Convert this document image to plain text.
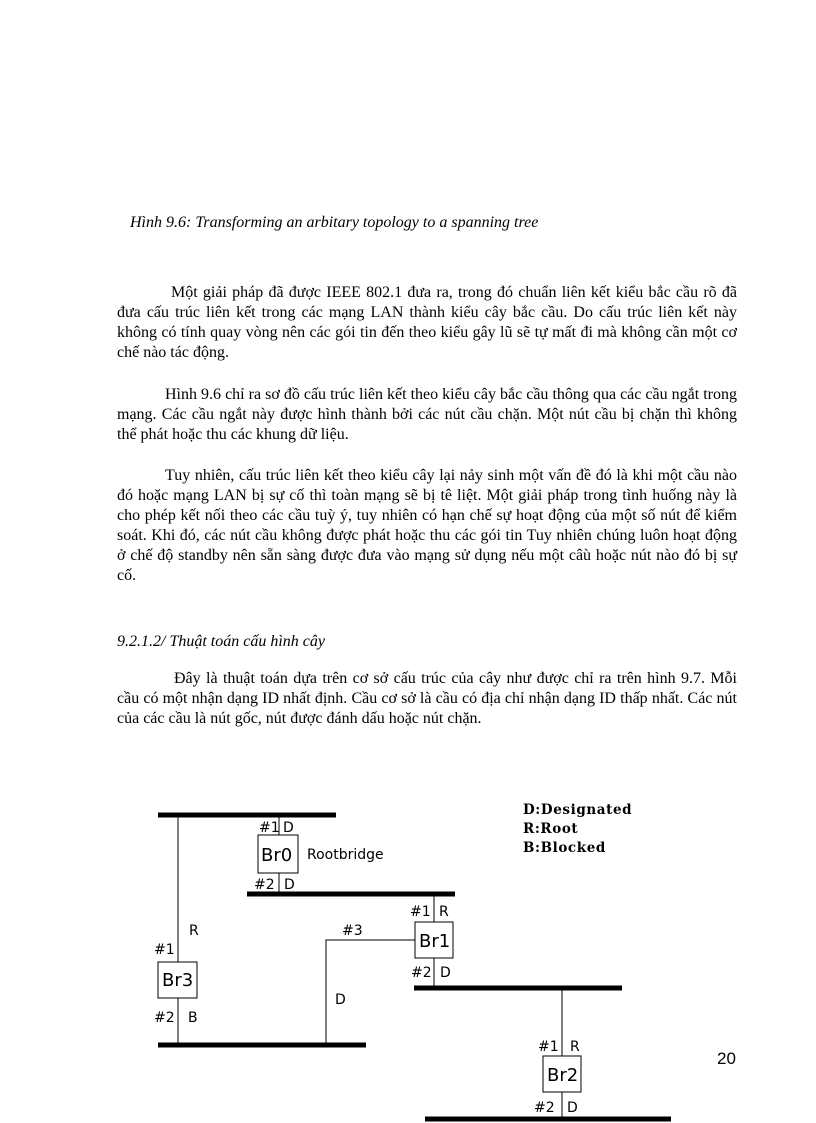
Hình 9.6: Transforming an arbitary topology to a spanning tree

Một giải pháp đã được IEEE 802.1 đưa ra, trong đó chuẩn liên kết kiểu bắc cầu rõ đã đưa cấu trúc liên kết trong các mạng LAN thành kiểu cây bắc cầu. Do cấu trúc liên kết này không có tính quay vòng nên các gói tin đến theo kiểu gây lũ sẽ tự mất đi mà không cần một cơ chế nào tác động.

Hình 9.6 chỉ ra sơ đồ cấu trúc liên kết theo kiểu cây bắc cầu thông qua các cầu ngắt trong mạng. Các cầu ngắt này được hình thành bởi các nút cầu chặn. Một nút cầu bị chặn thì không thể phát hoặc thu các khung dữ liệu.

Tuy nhiên, cấu trúc liên kết theo kiểu cây lại nảy sinh một vấn đề đó là khi một cầu nào đó hoặc mạng LAN bị sự cố thì toàn mạng sẽ bị tê liệt. Một giải pháp trong tình huống này là cho phép kết nối theo các cầu tuỳ ý, tuy nhiên có hạn chế sự hoạt động của một số nút để kiểm soát. Khi đó, các nút cầu không được phát hoặc thu các gói tin Tuy nhiên chúng luôn hoạt động ở chế độ standby nên sẵn sàng được đưa vào mạng sử dụng nếu một câù hoặc nút nào đó bị sự cố.

9.2.1.2/ Thuật toán cấu hình cây

Đây là thuật toán dựa trên cơ sở cấu trúc của cây như được chỉ ra trên hình 9.7. Mỗi cầu có một nhận dạng ID nhất định. Cầu cơ sở là cầu có địa chỉ nhận dạng ID thấp nhất. Các nút của các cầu là nút gốc, nút được đánh dấu hoặc nút chặn.

Br0
Br1
Br3
Br2
#1 D
#2 D
Rootbridge
#1 R
#2 D
#3
D
#1
R
#2 B
#1 R
#2 D
D:Designated
R:Root
B:Blocked
20
